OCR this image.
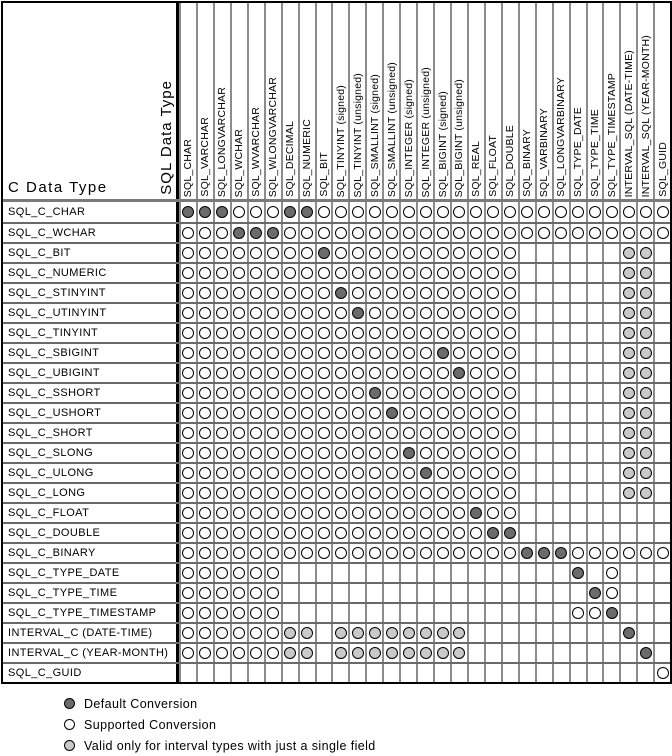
C Data Type	SQL Data Type SQL_CHAR SQL_VARCHAR SQL_LONGVARCHAR SQL_WCHAR SQL_WVARCHAR SQL_WLONGVARCHAR SQL_DECIMAL SQL_NUMERIC SQL_BIT SQL_TINYINT (signed) SQL_TINYINT (unsigned) SQL_SMALLINT (signed) SQL_SMALLINT (unsigned) SQL_INTEGER (signed) SQL_INTEGER (unsigned) SQL_BIGINT (signed) SQL_BIGINT (unsigned) SQL_REAL SQL_FLOAT SQL_DOUBLE SQL_BINARY SQL_VARBINARY SQL_LONGVARBINARY SQL_TYPE_DATE SQL_TYPE_TIME SQL_TYPE_TIMESTAMP INTERVAL_SQL (DATE-TIME) INTERVAL_SQL (YEAR-MONTH) SQL_GUID
SQL_C_CHAR
SQL_C_WCHAR
SQL_C_BIT
SQL_C_NUMERIC
SQL_C_STINYINT
SQL_C_UTINYINT
SQL_C_TINYINT
SQL_C_SBIGINT
SQL_C_UBIGINT
SQL_C_SSHORT
SQL_C_USHORT
SQL_C_SHORT
SQL_C_SLONG
SQL_C_ULONG
SQL_C_LONG
SQL_C_FLOAT
SQL_C_DOUBLE
SQL_C_BINARY
SQL_C_TYPE_DATE
SQL_C_TYPE_TIME
SQL_C_TYPE_TIMESTAMP
INTERVAL_C (DATE-TIME)
INTERVAL_C (YEAR-MONTH)
SQL_C_GUID
Default Conversion
Supported Conversion
Valid only for interval types with just a single field
